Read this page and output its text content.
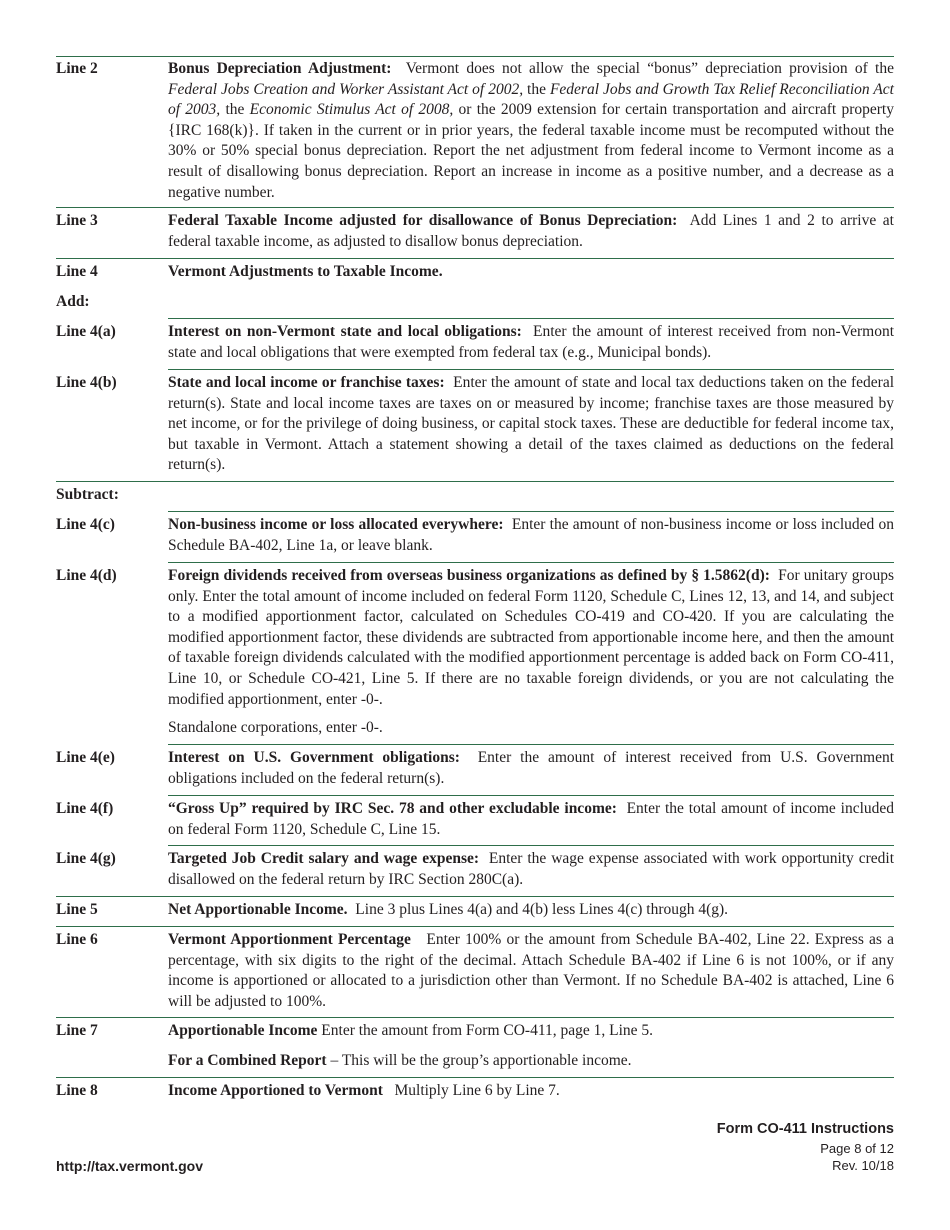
Line 2	Bonus Depreciation Adjustment: Vermont does not allow the special “bonus” depreciation provision of the Federal Jobs Creation and Worker Assistant Act of 2002, the Federal Jobs and Growth Tax Relief Reconciliation Act of 2003, the Economic Stimulus Act of 2008, or the 2009 extension for certain transportation and aircraft property {IRC 168(k)}. If taken in the current or in prior years, the federal taxable income must be recomputed without the 30% or 50% special bonus depreciation. Report the net adjustment from federal income to Vermont income as a result of disallowing bonus depreciation. Report an increase in income as a positive number, and a decrease as a negative number.
Line 3	Federal Taxable Income adjusted for disallowance of Bonus Depreciation: Add Lines 1 and 2 to arrive at federal taxable income, as adjusted to disallow bonus depreciation.
Line 4	Vermont Adjustments to Taxable Income.
Add:
Line 4(a)	Interest on non-Vermont state and local obligations: Enter the amount of interest received from non-Vermont state and local obligations that were exempted from federal tax (e.g., Municipal bonds).
Line 4(b)	State and local income or franchise taxes: Enter the amount of state and local tax deductions taken on the federal return(s). State and local income taxes are taxes on or measured by income; franchise taxes are those measured by net income, or for the privilege of doing business, or capital stock taxes. These are deductible for federal income tax, but taxable in Vermont. Attach a statement showing a detail of the taxes claimed as deductions on the federal return(s).
Subtract:
Line 4(c)	Non-business income or loss allocated everywhere: Enter the amount of non-business income or loss included on Schedule BA-402, Line 1a, or leave blank.
Line 4(d)	Foreign dividends received from overseas business organizations as defined by § 1.5862(d): For unitary groups only. Enter the total amount of income included on federal Form 1120, Schedule C, Lines 12, 13, and 14, and subject to a modified apportionment factor, calculated on Schedules CO-419 and CO-420. If you are calculating the modified apportionment factor, these dividends are subtracted from apportionable income here, and then the amount of taxable foreign dividends calculated with the modified apportionment percentage is added back on Form CO-411, Line 10, or Schedule CO-421, Line 5. If there are no taxable foreign dividends, or you are not calculating the modified apportionment, enter -0-.
Standalone corporations, enter -0-.
Line 4(e)	Interest on U.S. Government obligations: Enter the amount of interest received from U.S. Government obligations included on the federal return(s).
Line 4(f)	“Gross Up” required by IRC Sec. 78 and other excludable income: Enter the total amount of income included on federal Form 1120, Schedule C, Line 15.
Line 4(g)	Targeted Job Credit salary and wage expense: Enter the wage expense associated with work opportunity credit disallowed on the federal return by IRC Section 280C(a).
Line 5	Net Apportionable Income. Line 3 plus Lines 4(a) and 4(b) less Lines 4(c) through 4(g).
Line 6	Vermont Apportionment Percentage Enter 100% or the amount from Schedule BA-402, Line 22. Express as a percentage, with six digits to the right of the decimal. Attach Schedule BA-402 if Line 6 is not 100%, or if any income is apportioned or allocated to a jurisdiction other than Vermont. If no Schedule BA-402 is attached, Line 6 will be adjusted to 100%.
Line 7	Apportionable Income Enter the amount from Form CO-411, page 1, Line 5.
For a Combined Report – This will be the group’s apportionable income.
Line 8	Income Apportioned to Vermont Multiply Line 6 by Line 7.
Form CO-411 Instructions
Page 8 of 12
Rev. 10/18
http://tax.vermont.gov
